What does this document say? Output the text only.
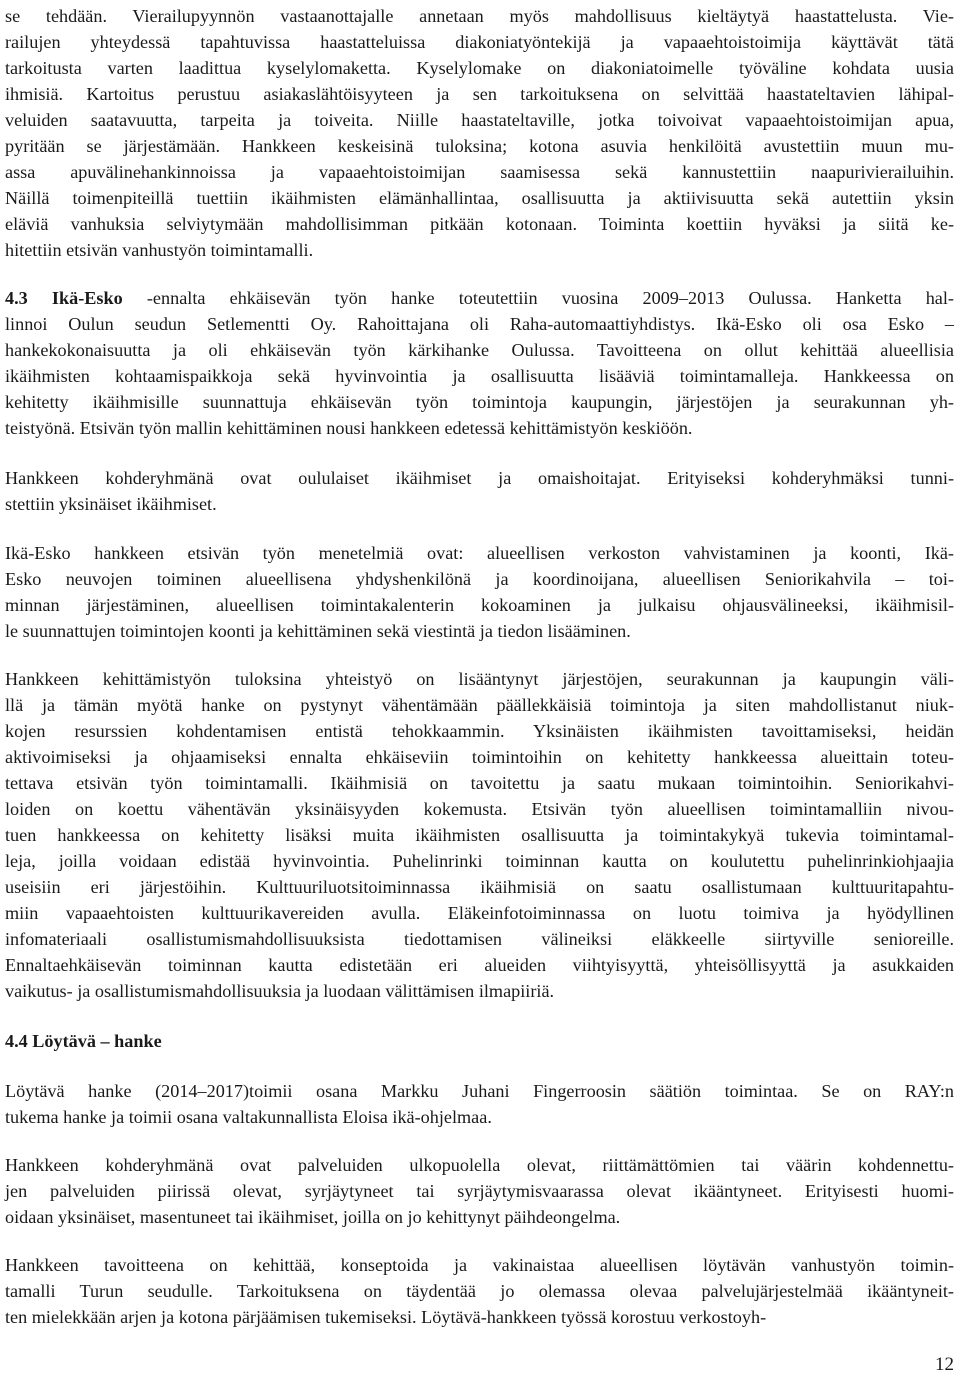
se tehdään. Vierailupyynnön vastaanottajalle annetaan myös mahdollisuus kieltäytyä haastattelusta. Vie-
railujen yhteydessä tapahtuvissa haastatteluissa diakoniatyöntekijä ja vapaaehtoistoimija käyttävät tätä
tarkoitusta varten laadittua kyselylomaketta. Kyselylomake on diakoniatoimelle työväline kohdata uusia
ihmisiä. Kartoitus perustuu asiakaslähtöisyyteen ja sen tarkoituksena on selvittää haastateltavien lähipal-
veluiden saatavuutta, tarpeita ja toiveita. Niille haastateltaville, jotka toivoivat vapaaehtoistoimijan apua,
pyritään se järjestämään. Hankkeen keskeisinä tuloksina; kotona asuvia henkilöitä avustettiin muun mu-
assa apuvälinehankinnoissa ja vapaaehtoistoimijan saamisessa sekä kannustettiin naapurivierailuihin.
Näillä toimenpiteillä tuettiin ikäihmisten elämänhallintaa, osallisuutta ja aktiivisuutta sekä autettiin yksin
eläviä vanhuksia selviytymään mahdollisimman pitkään kotonaan. Toiminta koettiin hyväksi ja siitä ke-
hitettiin etsivän vanhustyön toimintamalli.
4.3 Ikä-Esko -ennalta ehkäisevän työn hanke toteutettiin vuosina 2009–2013 Oulussa. Hanketta hal-
linnoi Oulun seudun Setlementti Oy. Rahoittajana oli Raha-automaattiyhdistys. Ikä-Esko oli osa Esko –
hankekokonaisuutta ja oli ehkäisevän työn kärkihanke Oulussa. Tavoitteena on ollut kehittää alueellisia
ikäihmisten kohtaamispaikkoja sekä hyvinvointia ja osallisuutta lisääviä toimintamalleja. Hankkeessa on
kehitetty ikäihmisille suunnattuja ehkäisevän työn toimintoja kaupungin, järjestöjen ja seurakunnan yh-
teistyönä. Etsivän työn mallin kehittäminen nousi hankkeen edetessä kehittämistyön keskiöön.
Hankkeen kohderyhmänä ovat oululaiset ikäihmiset ja omaishoitajat. Erityiseksi kohderyhmäksi tunni-
stettiin yksinäiset ikäihmiset.
Ikä-Esko hankkeen etsivän työn menetelmiä ovat: alueellisen verkoston vahvistaminen ja koonti, Ikä-
Esko neuvojen toiminen alueellisena yhdyshenkilönä ja koordinoijana, alueellisen Seniorikahvila – toi-
minnan järjestäminen, alueellisen toimintakalenterin kokoaminen ja julkaisu ohjausvälineeksi, ikäihmisil-
le suunnattujen toimintojen koonti ja kehittäminen sekä viestintä ja tiedon lisääminen.
Hankkeen kehittämistyön tuloksina yhteistyö on lisääntynyt järjestöjen, seurakunnan ja kaupungin väli-
llä ja tämän myötä hanke on pystynyt vähentämään päällekkäisiä toimintoja ja siten mahdollistanut niuk-
kojen resurssien kohdentamisen entistä tehokkaammin. Yksinäisten ikäihmisten tavoittamiseksi, heidän
aktivoimiseksi ja ohjaamiseksi ennalta ehkäiseviin toimintoihin on kehitetty hankkeessa alueittain toteu-
tettava etsivän työn toimintamalli. Ikäihmisiä on tavoitettu ja saatu mukaan toimintoihin. Seniorikahvi-
loiden on koettu vähentävän yksinäisyyden kokemusta. Etsivän työn alueellisen toimintamalliin nivou-
tuen hankkeessa on kehitetty lisäksi muita ikäihmisten osallisuutta ja toimintakykyä tukevia toimintamal-
leja, joilla voidaan edistää hyvinvointia. Puhelinrinki toiminnan kautta on koulutettu puhelinrinkiohjaajia
useisiin eri järjestöihin. Kulttuuriluotsitoiminnassa ikäihmisiä on saatu osallistumaan kulttuuritapahtu-
miin vapaaehtoisten kulttuurikavereiden avulla. Eläkeinfotoiminnassa on luotu toimiva ja hyödyllinen
infomateriaali osallistumismahdollisuuksista tiedottamisen välineiksi eläkkeelle siirtyville senioreille.
Ennaltaehkäisevän toiminnan kautta edistetään eri alueiden viihtyisyyttä, yhteisöllisyyttä ja asukkaiden
vaikutus- ja osallistumismahdollisuuksia ja luodaan välittämisen ilmapiiriä.
4.4 Löytävä – hanke
Löytävä hanke (2014–2017)toimii osana Markku Juhani Fingerroosin säätiön toimintaa. Se on RAY:n
tukema hanke ja toimii osana valtakunnallista Eloisa ikä-ohjelmaa.
Hankkeen kohderyhmänä ovat palveluiden ulkopuolella olevat, riittämättömien tai väärin kohdennettu-
jen palveluiden piirissä olevat, syrjäytyneet tai syrjäytymisvaarassa olevat ikääntyneet. Erityisesti huomi-
oidaan yksinäiset, masentuneet tai ikäihmiset, joilla on jo kehittynyt päihdeongelma.
Hankkeen tavoitteena on kehittää, konseptoida ja vakinaistaa alueellisen löytävän vanhustyön toimin-
tamalli Turun seudulle. Tarkoituksena on täydentää jo olemassa olevaa palvelujärjestelmää ikääntyneit-
ten mielekkään arjen ja kotona pärjäämisen tukemiseksi. Löytävä-hankkeen työssä korostuu verkostoyh-
12
